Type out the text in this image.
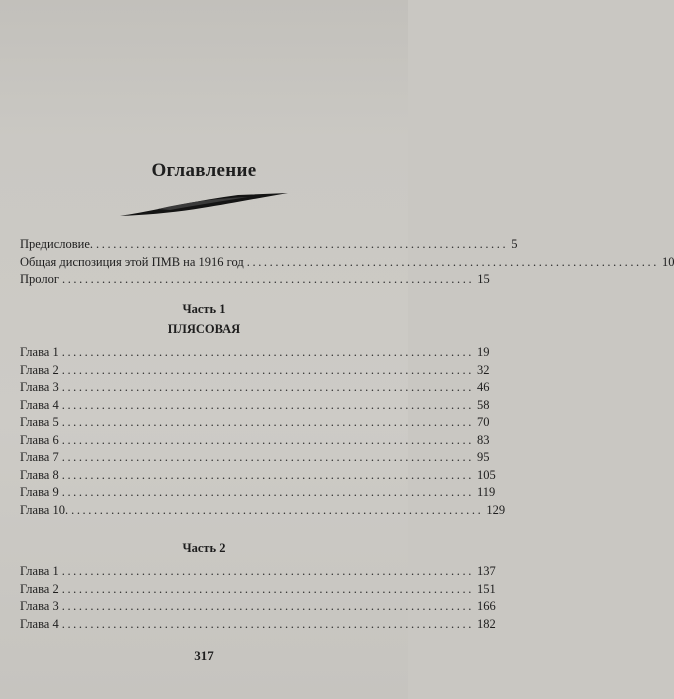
Оглавление
Предисловие. ........................................................................ 5
Общая диспозиция этой ПМВ на 1916 год ........................................................................ 10
Пролог ........................................................................ 15
Часть 1
ПЛЯСОВАЯ
Глава 1 ........................................................................ 19
Глава 2 ........................................................................ 32
Глава 3 ........................................................................ 46
Глава 4 ........................................................................ 58
Глава 5 ........................................................................ 70
Глава 6 ........................................................................ 83
Глава 7 ........................................................................ 95
Глава 8 ........................................................................ 105
Глава 9 ........................................................................ 119
Глава 10. ........................................................................ 129
Часть 2
Глава 1 ........................................................................ 137
Глава 2 ........................................................................ 151
Глава 3 ........................................................................ 166
Глава 4 ........................................................................ 182
317
